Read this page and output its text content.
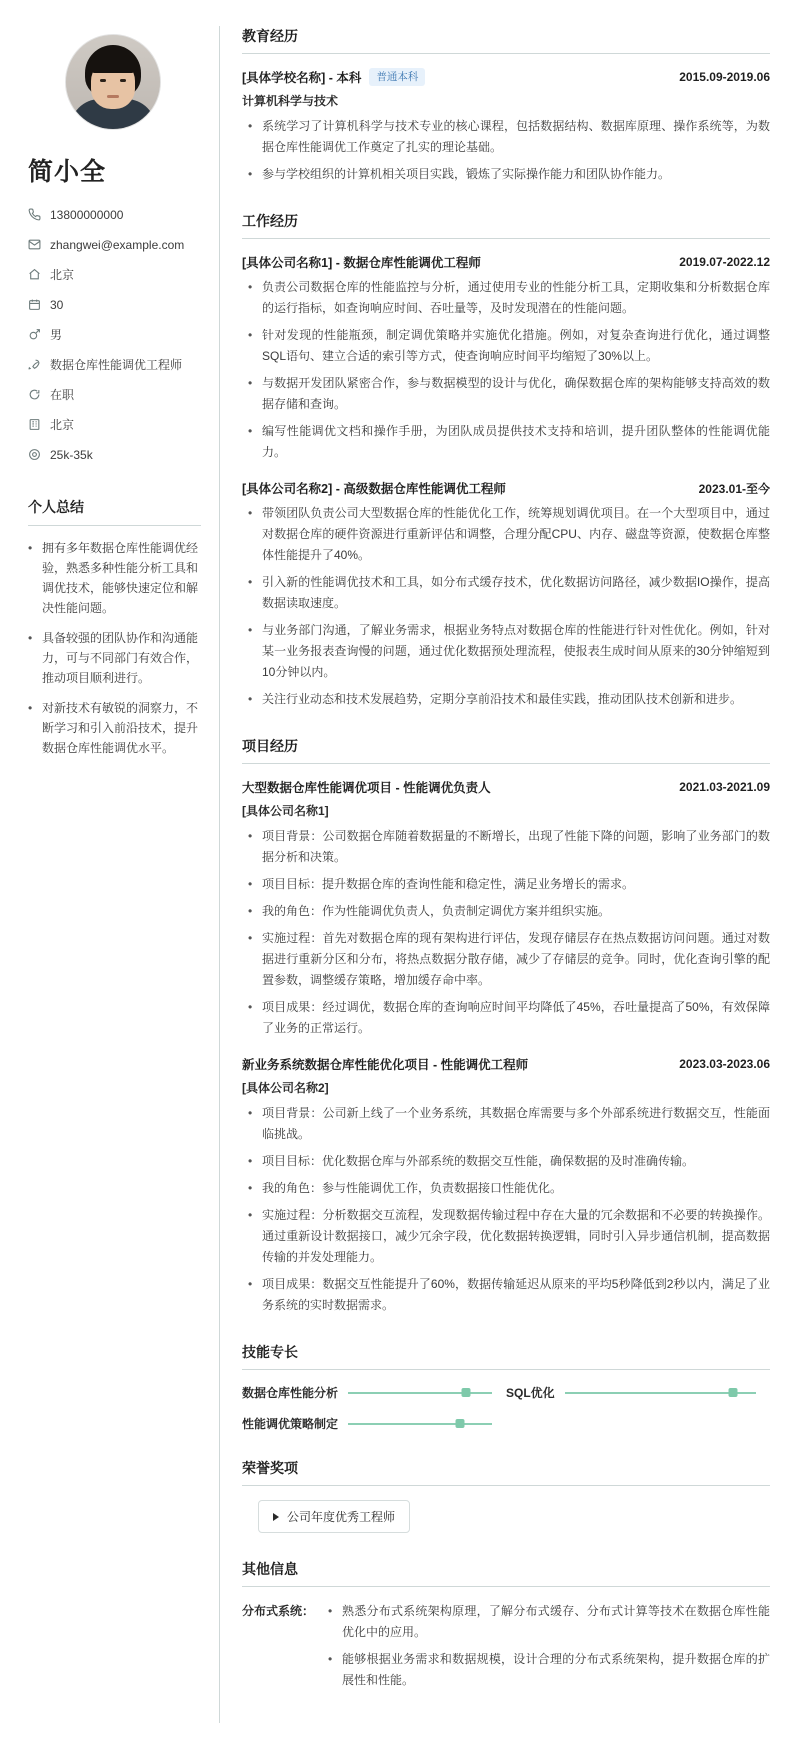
简小全
13800000000
zhangwei@example.com
北京
30
男
数据仓库性能调优工程师
在职
北京
25k-35k
个人总结
• 拥有多年数据仓库性能调优经验，熟悉多种性能分析工具和调优技术，能够快速定位和解决性能问题。
• 具备较强的团队协作和沟通能力，可与不同部门有效合作，推动项目顺利进行。
• 对新技术有敏锐的洞察力，不断学习和引入前沿技术，提升数据仓库性能调优水平。
教育经历
[具体学校名称] - 本科	普通本科	2015.09-2019.06
计算机科学与技术
• 系统学习了计算机科学与技术专业的核心课程，包括数据结构、数据库原理、操作系统等，为数据仓库性能调优工作奠定了扎实的理论基础。
• 参与学校组织的计算机相关项目实践，锻炼了实际操作能力和团队协作能力。
工作经历
[具体公司名称1] - 数据仓库性能调优工程师	2019.07-2022.12
• 负责公司数据仓库的性能监控与分析，通过使用专业的性能分析工具，定期收集和分析数据仓库的运行指标，如查询响应时间、吞吐量等，及时发现潜在的性能问题。
• 针对发现的性能瓶颈，制定调优策略并实施优化措施。例如，对复杂查询进行优化，通过调整SQL语句、建立合适的索引等方式，使查询响应时间平均缩短了30%以上。
• 与数据开发团队紧密合作，参与数据模型的设计与优化，确保数据仓库的架构能够支持高效的数据存储和查询。
• 编写性能调优文档和操作手册，为团队成员提供技术支持和培训，提升团队整体的性能调优能力。
[具体公司名称2] - 高级数据仓库性能调优工程师	2023.01-至今
• 带领团队负责公司大型数据仓库的性能优化工作，统筹规划调优项目。在一个大型项目中，通过对数据仓库的硬件资源进行重新评估和调整，合理分配CPU、内存、磁盘等资源，使数据仓库整体性能提升了40%。
• 引入新的性能调优技术和工具，如分布式缓存技术，优化数据访问路径，减少数据IO操作，提高数据读取速度。
• 与业务部门沟通，了解业务需求，根据业务特点对数据仓库的性能进行针对性优化。例如，针对某一业务报表查询慢的问题，通过优化数据预处理流程，使报表生成时间从原来的30分钟缩短到10分钟以内。
• 关注行业动态和技术发展趋势，定期分享前沿技术和最佳实践，推动团队技术创新和进步。
项目经历
大型数据仓库性能调优项目 - 性能调优负责人	2021.03-2021.09
[具体公司名称1]
• 项目背景：公司数据仓库随着数据量的不断增长，出现了性能下降的问题，影响了业务部门的数据分析和决策。
• 项目目标：提升数据仓库的查询性能和稳定性，满足业务增长的需求。
• 我的角色：作为性能调优负责人，负责制定调优方案并组织实施。
• 实施过程：首先对数据仓库的现有架构进行评估，发现存储层存在热点数据访问问题。通过对数据进行重新分区和分布，将热点数据分散存储，减少了存储层的竞争。同时，优化查询引擎的配置参数，调整缓存策略，增加缓存命中率。
• 项目成果：经过调优，数据仓库的查询响应时间平均降低了45%，吞吐量提高了50%，有效保障了业务的正常运行。
新业务系统数据仓库性能优化项目 - 性能调优工程师	2023.03-2023.06
[具体公司名称2]
• 项目背景：公司新上线了一个业务系统，其数据仓库需要与多个外部系统进行数据交互，性能面临挑战。
• 项目目标：优化数据仓库与外部系统的数据交互性能，确保数据的及时准确传输。
• 我的角色：参与性能调优工作，负责数据接口性能优化。
• 实施过程：分析数据交互流程，发现数据传输过程中存在大量的冗余数据和不必要的转换操作。通过重新设计数据接口，减少冗余字段，优化数据转换逻辑，同时引入异步通信机制，提高数据传输的并发处理能力。
• 项目成果：数据交互性能提升了60%，数据传输延迟从原来的平均5秒降低到2秒以内，满足了业务系统的实时数据需求。
技能专长
数据仓库性能分析	SQL优化
性能调优策略制定
荣誉奖项
公司年度优秀工程师
其他信息
分布式系统：	• 熟悉分布式系统架构原理，了解分布式缓存、分布式计算等技术在数据仓库性能优化中的应用。
• 能够根据业务需求和数据规模，设计合理的分布式系统架构，提升数据仓库的扩展性和性能。
